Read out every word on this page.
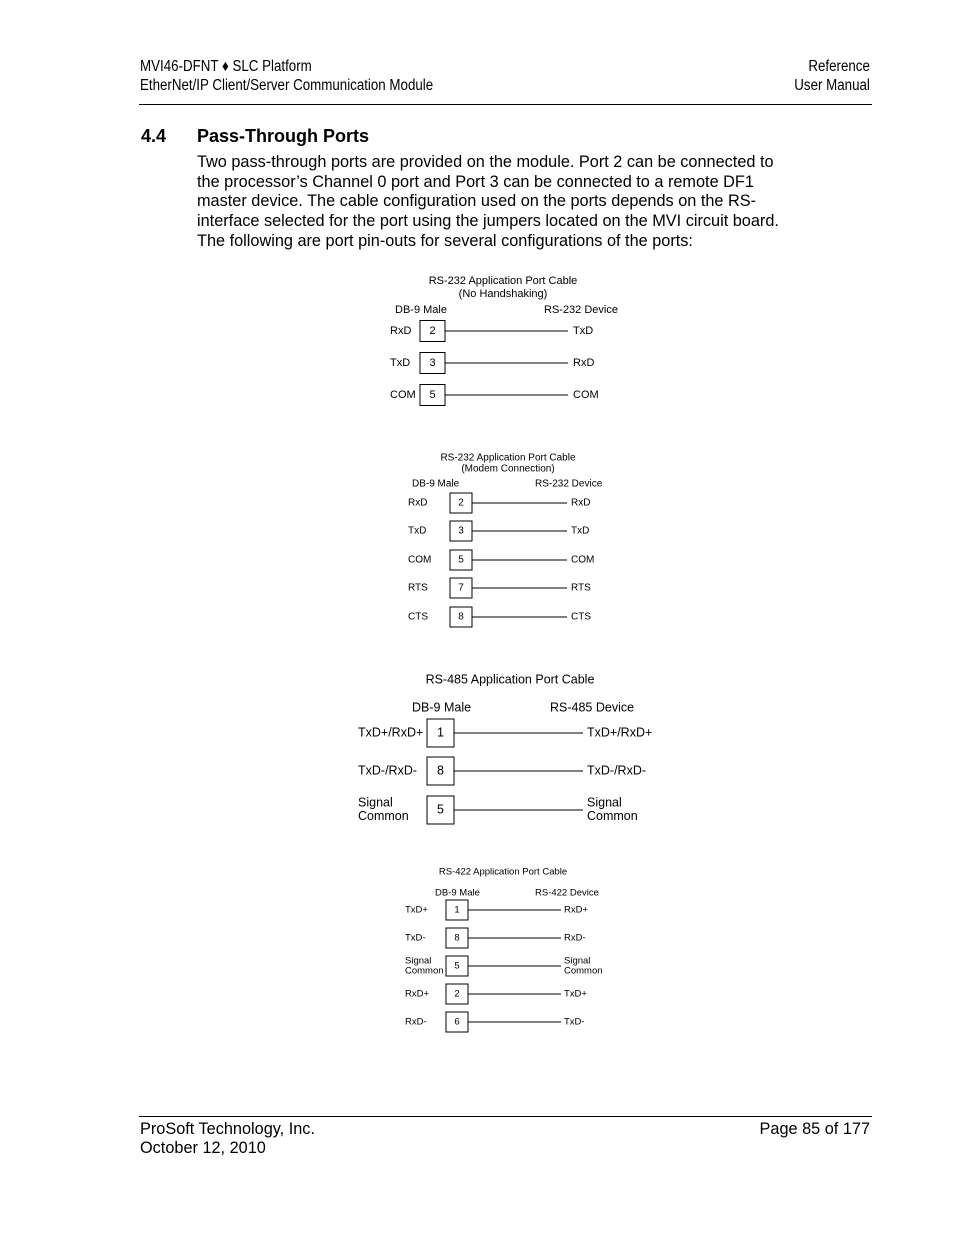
MVI46-DFNT ♦ SLC Platform
EtherNet/IP Client/Server Communication Module
Reference
User Manual
4.4 Pass-Through Ports
Two pass-through ports are provided on the module. Port 2 can be connected to
the processor’s Channel 0 port and Port 3 can be connected to a remote DF1
master device. The cable configuration used on the ports depends on the RS-
interface selected for the port using the jumpers located on the MVI circuit board.
The following are port pin-outs for several configurations of the ports:
RS-232 Application Port Cable
(No Handshaking)
DB-9 Male	RS-232 Device
RxD 2	TxD
TxD 3	RxD
COM 5	COM
RS-232 Application Port Cable
(Modem Connection)
DB-9 Male	RS-232 Device
RxD	2	RxD
TxD	3	TxD
COM	5	COM
RTS	7	RTS
CTS	8	CTS
RS-485 Application Port Cable
DB-9 Male	RS-485 Device
TxD+/RxD+ 1	TxD+/RxD+
TxD-/RxD- 8	TxD-/RxD-
Signal
Common 5	Signal
Common
RS-422 Application Port Cable
DB-9 Male	RS-422 Device
TxD+	1	RxD+
TxD-	8	RxD-
Signal
Common 5	Signal
Common
RxD+	2	TxD+
RxD-	6	TxD-
ProSoft Technology, Inc.
October 12, 2010
Page 85 of 177
